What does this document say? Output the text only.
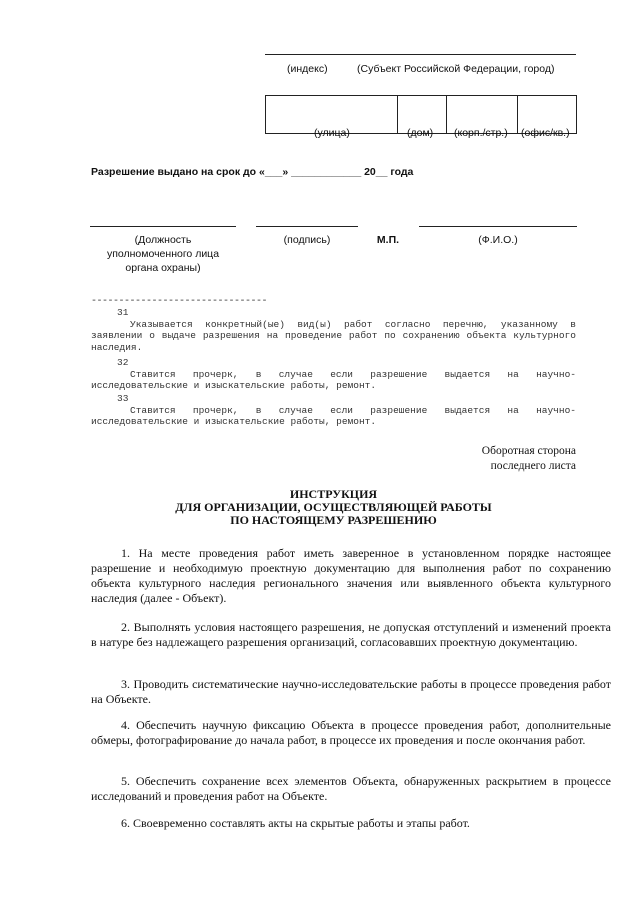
(индекс)	(Субъект Российской Федерации, город)

(улица)	(дом) (корп./стр.) (офис/кв.)
Разрешение выдано на срок до «___» ____________ 20__ года
(Должность уполномоченного лица органа охраны)
(подпись)	М.П.	(Ф.И.О.)
--------------------------------
31
Указывается конкретный(ые) вид(ы) работ согласно перечню, указанному в заявлении о выдаче разрешения на проведение работ по сохранению объекта культурного наследия.
32
Ставится прочерк, в случае если разрешение выдается на научно-исследовательские и изыскательские работы, ремонт.
33
Ставится прочерк, в случае если разрешение выдается на научно-исследовательские и изыскательские работы, ремонт.
Оборотная сторона
последнего листа
ИНСТРУКЦИЯ
ДЛЯ ОРГАНИЗАЦИИ, ОСУЩЕСТВЛЯЮЩЕЙ РАБОТЫ
ПО НАСТОЯЩЕМУ РАЗРЕШЕНИЮ
1. На месте проведения работ иметь заверенное в установленном порядке настоящее разрешение и необходимую проектную документацию для выполнения работ по сохранению объекта культурного наследия регионального значения или выявленного объекта культурного наследия (далее - Объект).
2. Выполнять условия настоящего разрешения, не допуская отступлений и изменений проекта в натуре без надлежащего разрешения организаций, согласовавших проектную документацию.
3. Проводить систематические научно-исследовательские работы в процессе проведения работ на Объекте.
4. Обеспечить научную фиксацию Объекта в процессе проведения работ, дополнительные обмеры, фотографирование до начала работ, в процессе их проведения и после окончания работ.
5. Обеспечить сохранение всех элементов Объекта, обнаруженных раскрытием в процессе исследований и проведения работ на Объекте.
6. Своевременно составлять акты на скрытые работы и этапы работ.
